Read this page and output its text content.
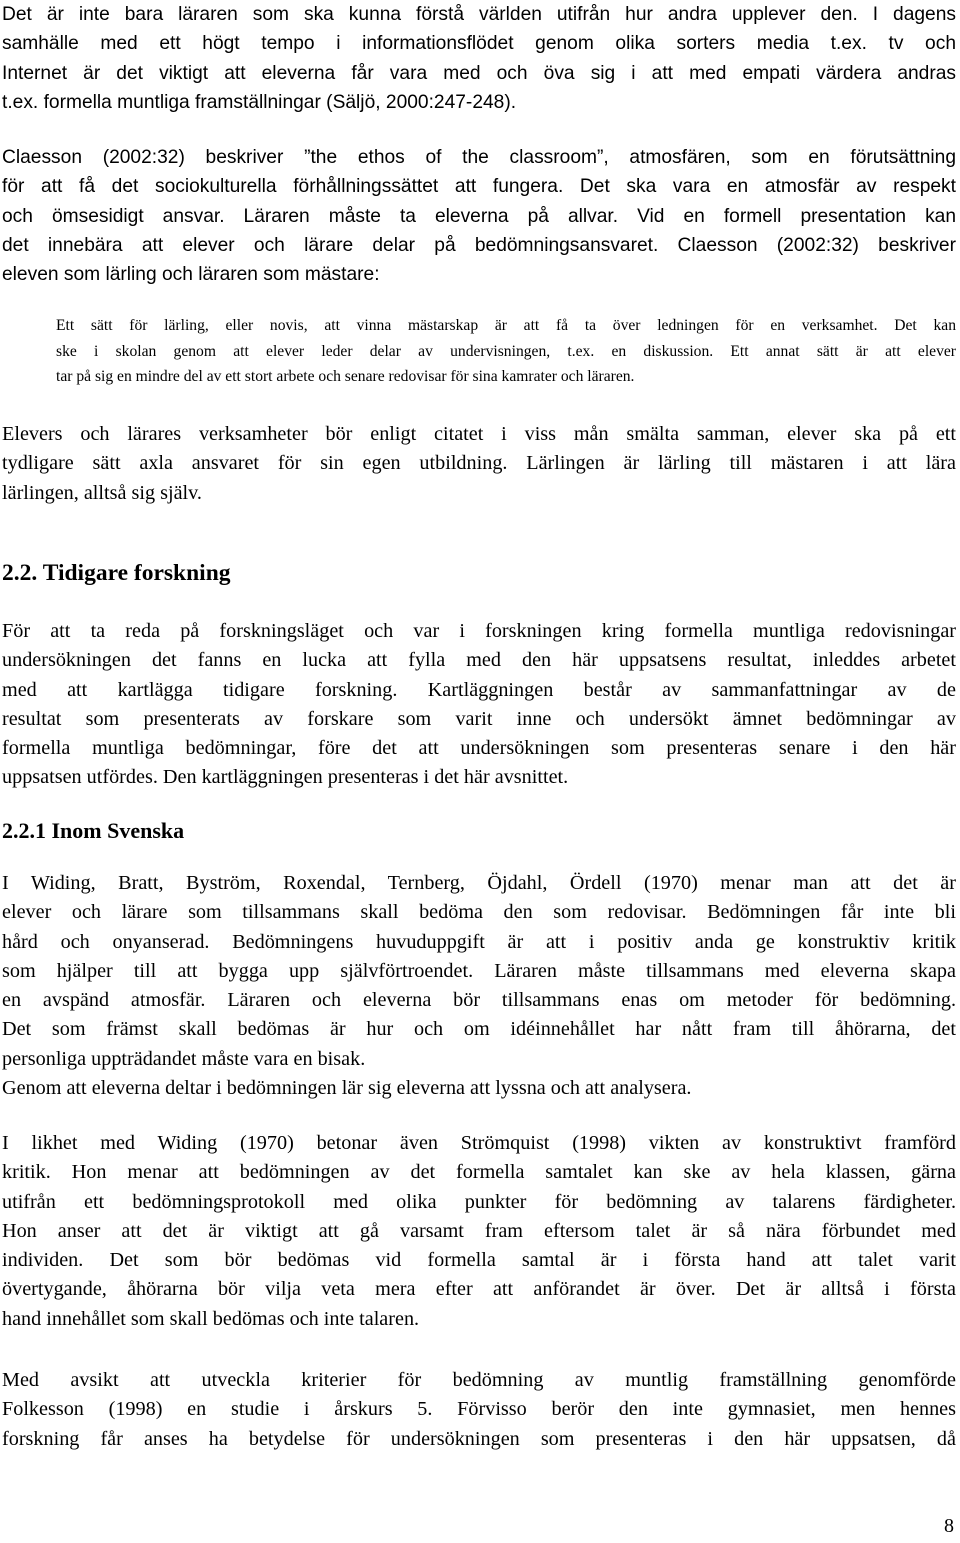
Det är inte bara läraren som ska kunna förstå världen utifrån hur andra upplever den. I dagens
samhälle med ett högt tempo i informationsflödet genom olika sorters media t.ex. tv och
Internet är det viktigt att eleverna får vara med och öva sig i att med empati värdera andras
t.ex. formella muntliga framställningar (Säljö, 2000:247-248).
Claesson (2002:32) beskriver ”the ethos of the classroom”, atmosfären, som en förutsättning
för att få det sociokulturella förhållningssättet att fungera. Det ska vara en atmosfär av respekt
och ömsesidigt ansvar. Läraren måste ta eleverna på allvar. Vid en formell presentation kan
det innebära att elever och lärare delar på bedömningsansvaret. Claesson (2002:32) beskriver
eleven som lärling och läraren som mästare:
Ett sätt för lärling, eller novis, att vinna mästarskap är att få ta över ledningen för en verksamhet. Det kan
ske i skolan genom att elever leder delar av undervisningen, t.ex. en diskussion. Ett annat sätt är att elever
tar på sig en mindre del av ett stort arbete och senare redovisar för sina kamrater och läraren.
Elevers och lärares verksamheter bör enligt citatet i viss mån smälta samman, elever ska på ett
tydligare sätt axla ansvaret för sin egen utbildning. Lärlingen är lärling till mästaren i att lära
lärlingen, alltså sig själv.
2.2. Tidigare forskning
För att ta reda på forskningsläget och var i forskningen kring formella muntliga redovisningar
undersökningen det fanns en lucka att fylla med den här uppsatsens resultat, inleddes arbetet
med att kartlägga tidigare forskning. Kartläggningen består av sammanfattningar av de
resultat som presenterats av forskare som varit inne och undersökt ämnet bedömningar av
formella muntliga bedömningar, före det att undersökningen som presenteras senare i den här
uppsatsen utfördes. Den kartläggningen presenteras i det här avsnittet.
2.2.1 Inom Svenska
I Widing, Bratt, Byström, Roxendal, Ternberg, Öjdahl, Ördell (1970) menar man att det är
elever och lärare som tillsammans skall bedöma den som redovisar. Bedömningen får inte bli
hård och onyanserad. Bedömningens huvuduppgift är att i positiv anda ge konstruktiv kritik
som hjälper till att bygga upp självförtroendet. Läraren måste tillsammans med eleverna skapa
en avspänd atmosfär. Läraren och eleverna bör tillsammans enas om metoder för bedömning.
Det som främst skall bedömas är hur och om idéinnehållet har nått fram till åhörarna, det
personliga uppträdandet måste vara en bisak.
Genom att eleverna deltar i bedömningen lär sig eleverna att lyssna och att analysera.
I likhet med Widing (1970) betonar även Strömquist (1998) vikten av konstruktivt framförd
kritik. Hon menar att bedömningen av det formella samtalet kan ske av hela klassen, gärna
utifrån ett bedömningsprotokoll med olika punkter för bedömning av talarens färdigheter.
Hon anser att det är viktigt att gå varsamt fram eftersom talet är så nära förbundet med
individen. Det som bör bedömas vid formella samtal är i första hand att talet varit
övertygande, åhörarna bör vilja veta mera efter att anförandet är över. Det är alltså i första
hand innehållet som skall bedömas och inte talaren.
Med avsikt att utveckla kriterier för bedömning av muntlig framställning genomförde
Folkesson (1998) en studie i årskurs 5. Förvisso berör den inte gymnasiet, men hennes
forskning får anses ha betydelse för undersökningen som presenteras i den här uppsatsen, då
8
